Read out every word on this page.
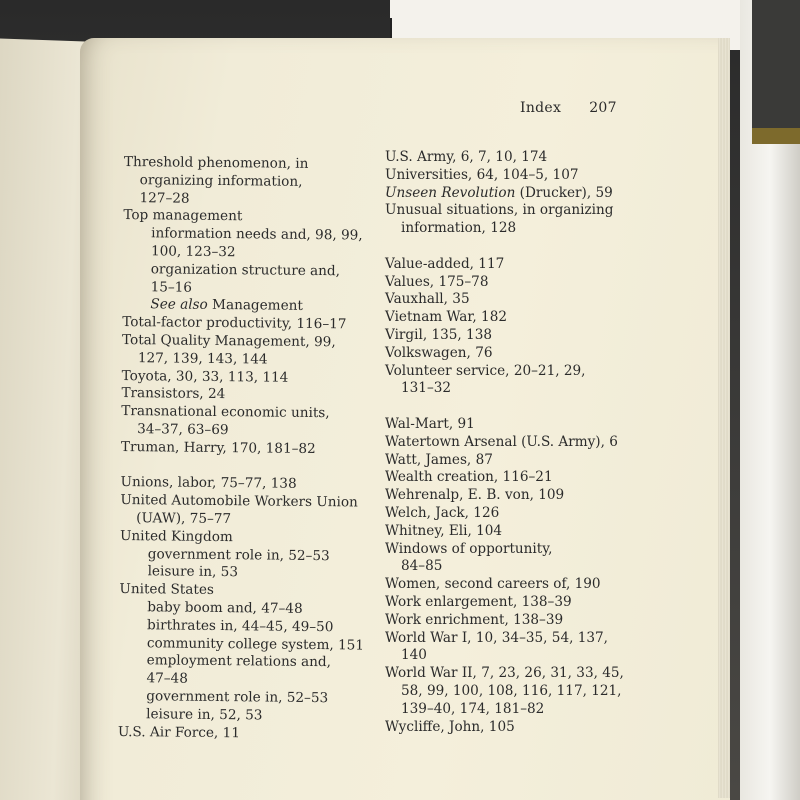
Index 207
Threshold phenomenon, in
organizing information,
127–28
Top management
information needs and, 98, 99,
100, 123–32
organization structure and,
15–16
See also Management
Total-factor productivity, 116–17
Total Quality Management, 99,
127, 139, 143, 144
Toyota, 30, 33, 113, 114
Transistors, 24
Transnational economic units,
34–37, 63–69
Truman, Harry, 170, 181–82
Unions, labor, 75–77, 138
United Automobile Workers Union
(UAW), 75–77
United Kingdom
government role in, 52–53
leisure in, 53
United States
baby boom and, 47–48
birthrates in, 44–45, 49–50
community college system, 151
employment relations and,
47–48
government role in, 52–53
leisure in, 52, 53
U.S. Air Force, 11
U.S. Army, 6, 7, 10, 174
Universities, 64, 104–5, 107
Unseen Revolution (Drucker), 59
Unusual situations, in organizing
information, 128
Value-added, 117
Values, 175–78
Vauxhall, 35
Vietnam War, 182
Virgil, 135, 138
Volkswagen, 76
Volunteer service, 20–21, 29,
131–32
Wal-Mart, 91
Watertown Arsenal (U.S. Army), 6
Watt, James, 87
Wealth creation, 116–21
Wehrenalp, E. B. von, 109
Welch, Jack, 126
Whitney, Eli, 104
Windows of opportunity,
84–85
Women, second careers of, 190
Work enlargement, 138–39
Work enrichment, 138–39
World War I, 10, 34–35, 54, 137,
140
World War II, 7, 23, 26, 31, 33, 45,
58, 99, 100, 108, 116, 117, 121,
139–40, 174, 181–82
Wycliffe, John, 105
